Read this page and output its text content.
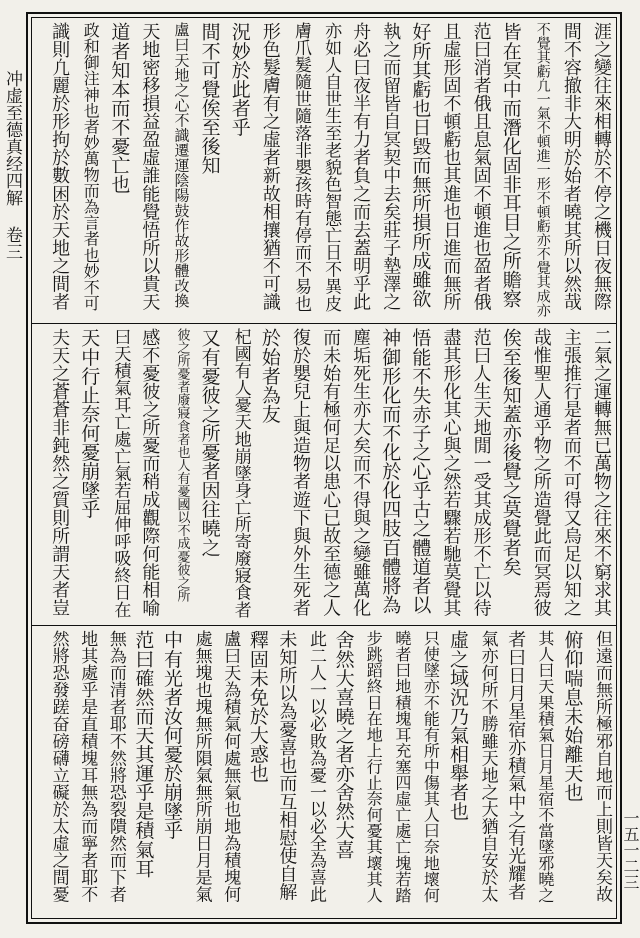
冲虚至德真经四解 卷三
一五一二三
涯之變往來相轉於不停之機日夜無際
間不容撤非大明於始者曉其所以然哉
不覺其虧凢一氣不頓進一形不頓虧亦不覺其成亦
皆在冥中而潛化固非耳目之所贍察
范曰消者俄且息氣固不頓進也盈者俄
且虛形固不頓虧也其進也日進而無所
好所其虧也日毀而無所損所成雖欲
執之而留皆自冥契中去矣莊子墊澤之
舟必曰夜半有力者負之而去蓋明乎此
亦如人自世生至老貌色智態亡日不異皮
膚爪髮隨世隨落非嬰孩時有停而不易也
形色髮膚有之虛者新故相攘猶不可識
況妙於此者乎
間不可覺俟至後知
盧曰天地之心不識遷運陰陽鼓作故形體改換
天地密移損益盈虛誰能覺悟所以貴天
道者知本而不憂亡也
政和御注神也者妙萬物而為言者也妙不可
識則凢麗於形拘於數困於天地之間者
二氣之運轉無已萬物之往來不窮求其
主張推行是者而不可得又烏足以知之
哉惟聖人通乎物之所造覺此而冥焉彼
俟至後知蓋亦後覺之莫覺者矣
范曰人生天地閒一受其成形不亡以待
盡其形化其心與之然若驟若馳莫覺其
悟能不失赤子之心乎古之體道者以
神御形化而不化於化四肢百體將為
塵垢死生亦大矣而不得與之變雖萬化
而未始有極何足以患心已故至德之人
復於嬰兒上與造物者遊下與外生死者
於始者為友
杞國有人憂天地崩墜身亡所寄廢寢食者
又有憂彼之所憂者因往曉之
彼之所憂者廢寢食者也人有憂國以不成憂彼之所
感不憂彼之所憂而稍成觀際何能相喻
曰天積氣耳亡處亡氣若屈伸呼吸終日在
天中行止奈何憂崩墜乎
夫天之蒼蒼非鈍然之質則所謂天者豈
但遠而無所極邪自地而上則皆天矣故
俯仰喘息未始離天也
其人曰天果積氣日月星宿不當墜邪曉之
者曰日月星宿亦積氣中之有光耀者
氣亦何所不勝雖天地之大猶自安於太
虛之域況乃氣相舉者也
只使墜亦不能有所中傷其人曰奈地壞何
曉者曰地積塊耳充塞四虛亡處亡塊若踏
步跳蹈終日在地上行止奈何憂其壞其人
舍然大喜曉之者亦舍然大喜
此二人一以必敗為憂一以必全為喜此
未知所以為憂喜也而互相慰使自解
釋固未免於大惑也
盧曰天為積氣何處無氣也地為積塊何
處無塊也塊無所隕氣無所崩日月是氣
中有光者汝何憂於崩墜乎
范曰確然而天其運乎是積氣耳
無為而清者耶不然將恐裂隤然而下者
地其處乎是直積塊耳無為而寧者耶不
然將恐發蹉奋磅礴立礙於太虛之間憂
